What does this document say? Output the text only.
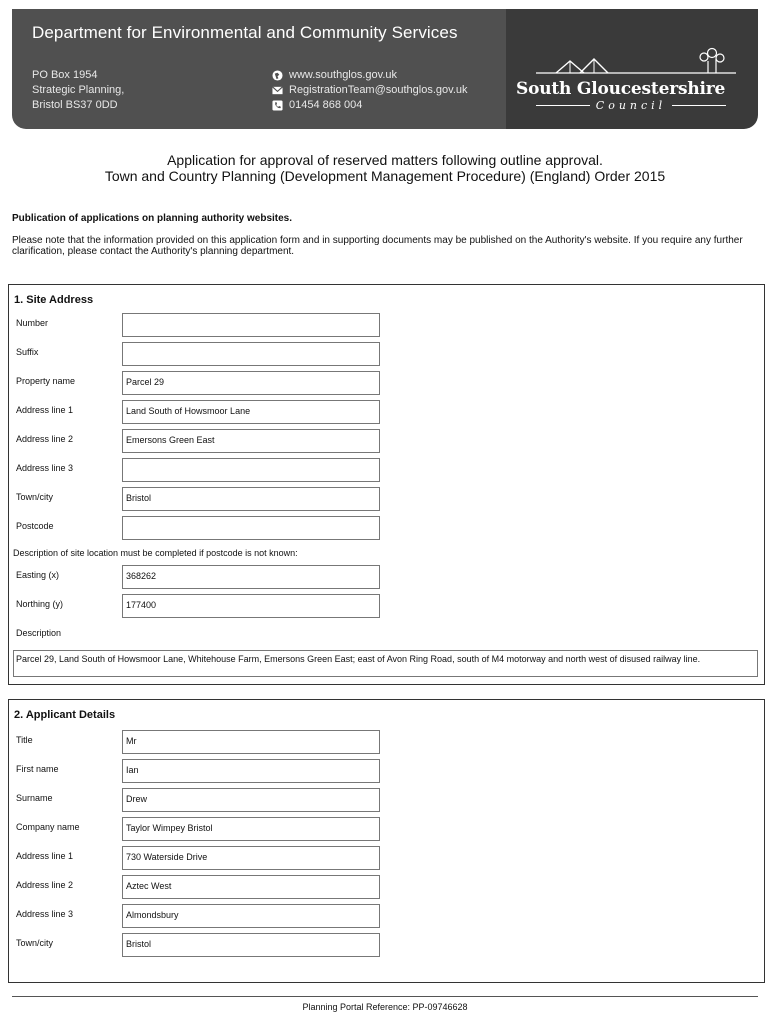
Department for Environmental and Community Services
PO Box 1954
Strategic Planning,
Bristol BS37 0DD
www.southglos.gov.uk
RegistrationTeam@southglos.gov.uk
01454 868 004
South Gloucestershire
Council
Application for approval of reserved matters following outline approval.
Town and Country Planning (Development Management Procedure) (England) Order 2015
Publication of applications on planning authority websites.
Please note that the information provided on this application form and in supporting documents may be published on the Authority's website. If you require any further clarification, please contact the Authority's planning department.
1. Site Address
Number
Suffix
Property name	Parcel 29
Address line 1	Land South of Howsmoor Lane
Address line 2	Emersons Green East
Address line 3
Town/city	Bristol
Postcode
Description of site location must be completed if postcode is not known:
Easting (x)	368262
Northing (y)	177400
Description
Parcel 29, Land South of Howsmoor Lane, Whitehouse Farm, Emersons Green East; east of Avon Ring Road, south of M4 motorway and north west of disused railway line.
2. Applicant Details
Title	Mr
First name	Ian
Surname	Drew
Company name	Taylor Wimpey Bristol
Address line 1	730 Waterside Drive
Address line 2	Aztec West
Address line 3	Almondsbury
Town/city	Bristol
Planning Portal Reference: PP-09746628
